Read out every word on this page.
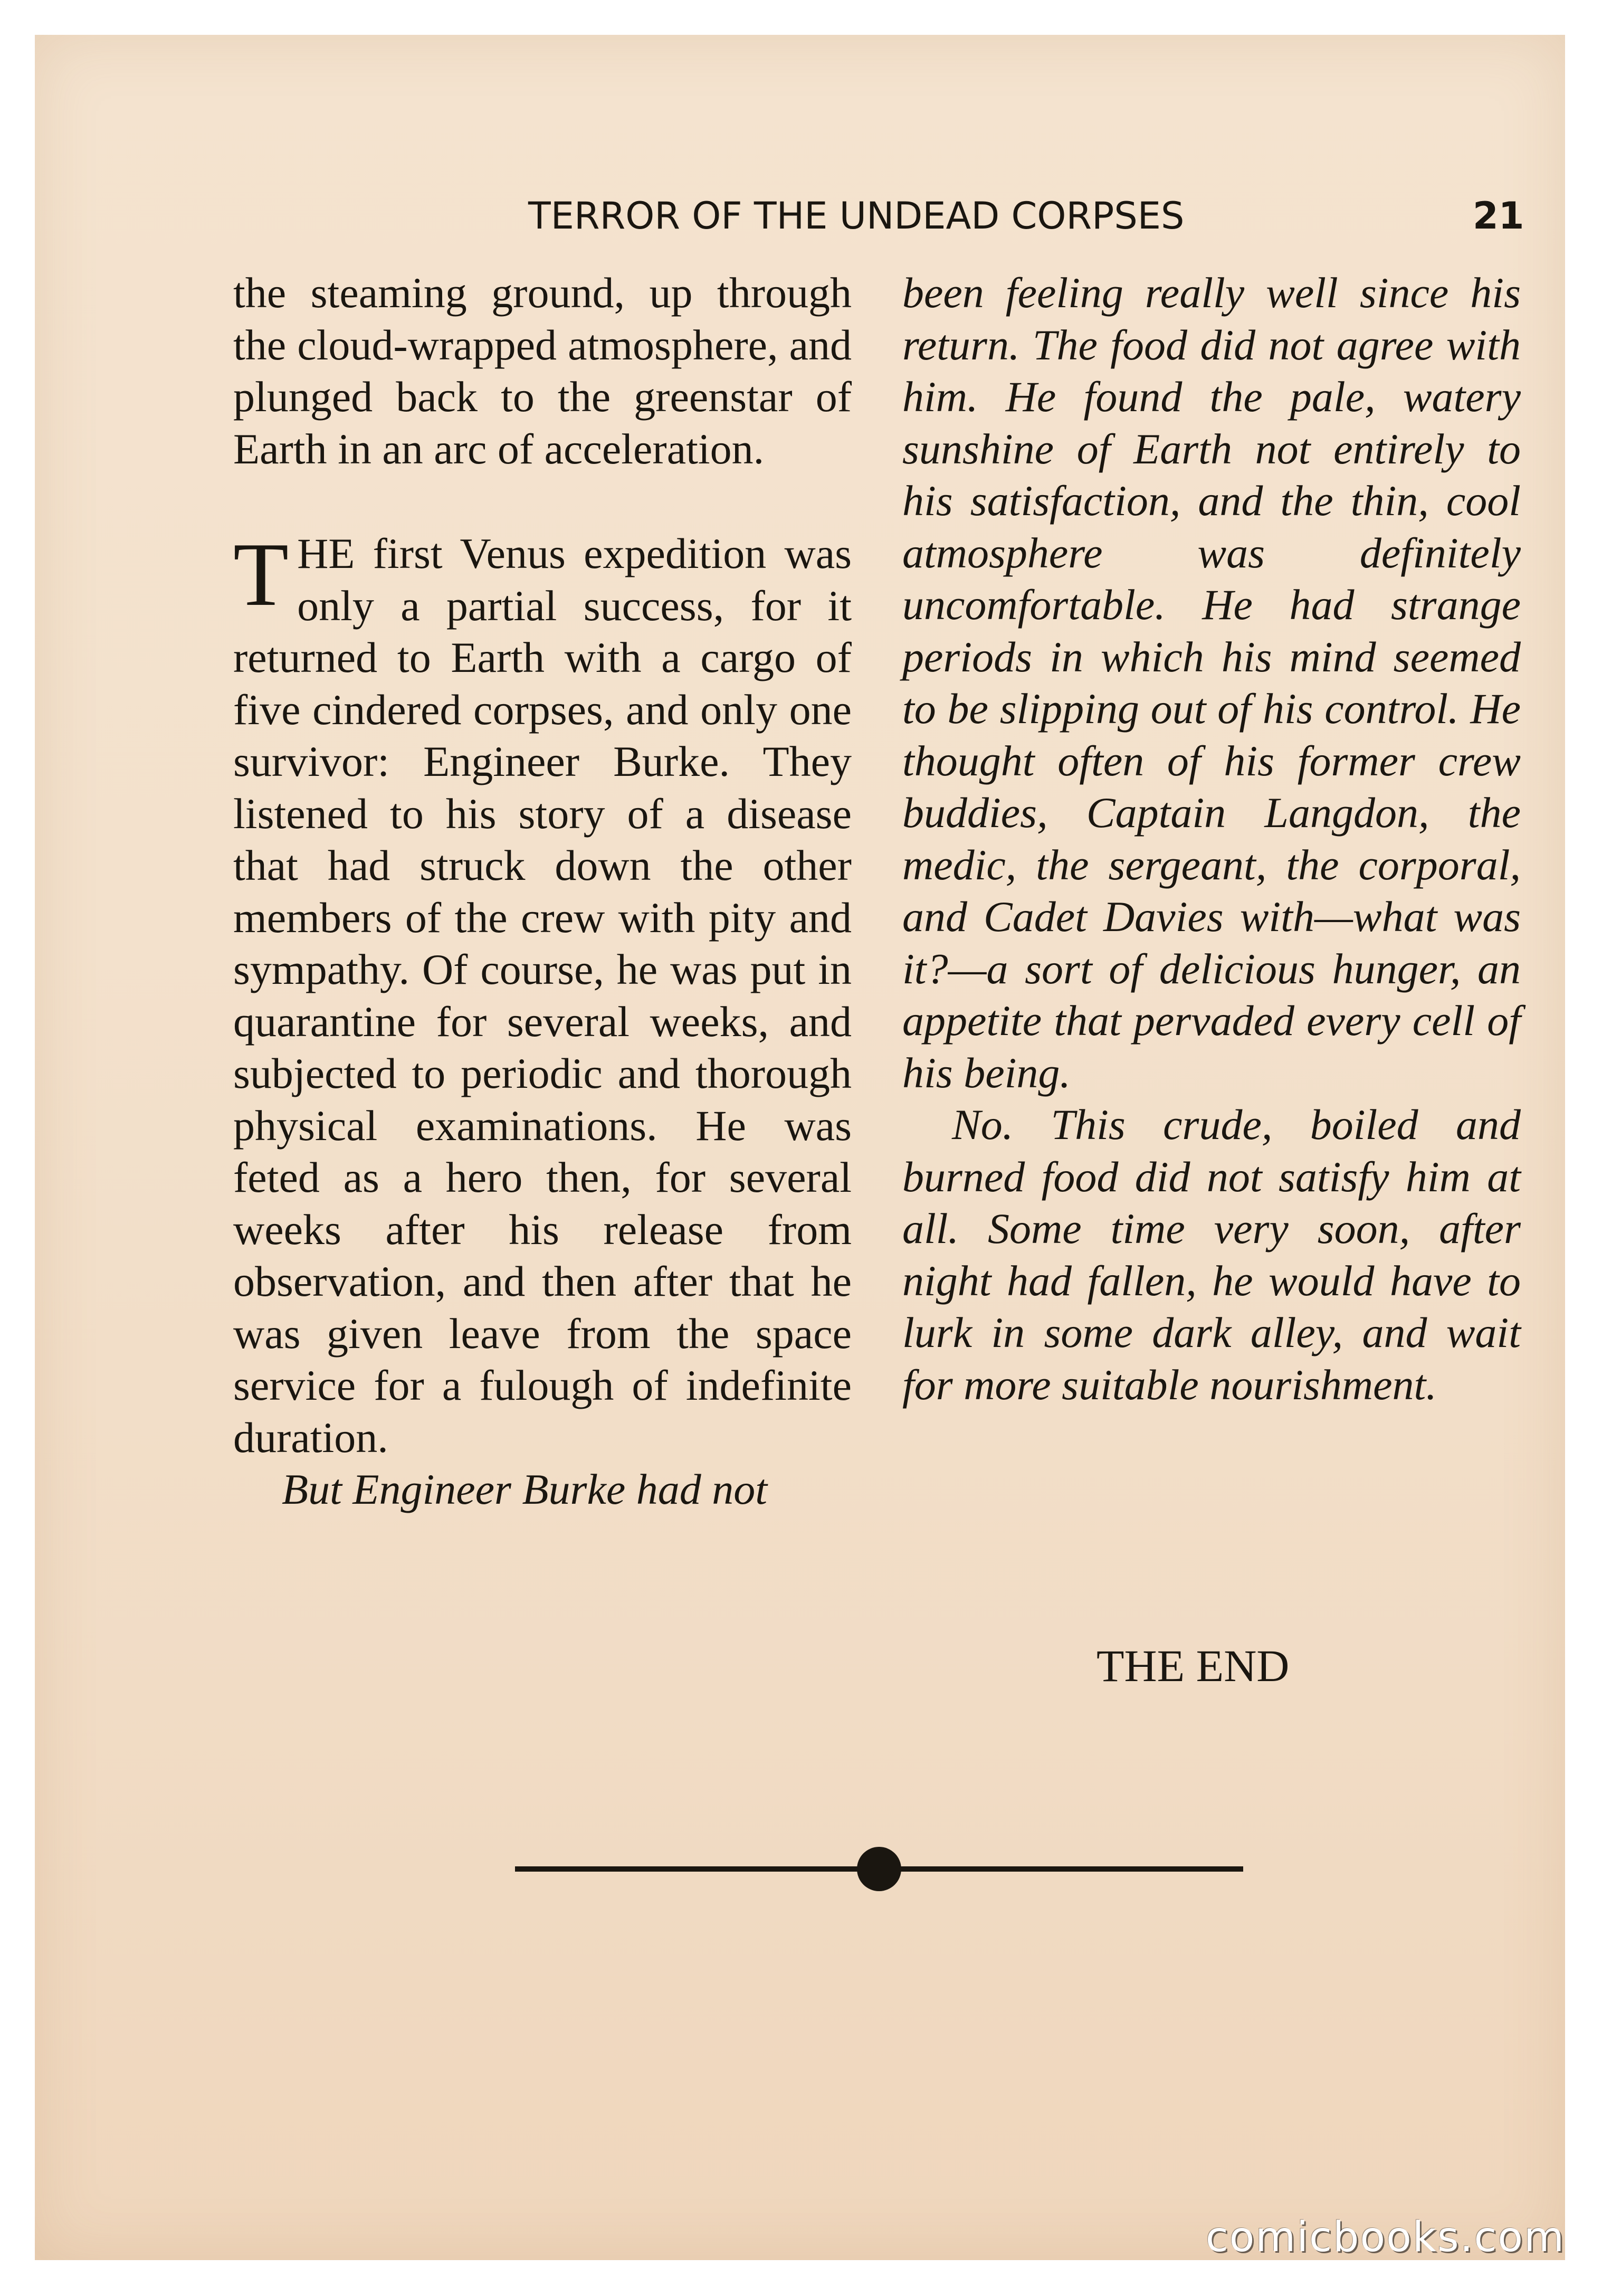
TERROR OF THE UNDEAD CORPSES	21

the steaming ground, up through the cloud-wrapped atmosphere, and plunged back to the greenstar of Earth in an arc of acceleration.

THE first Venus expedition was only a partial success, for it returned to Earth with a cargo of five cindered corpses, and only one survivor: Engineer Burke. They listened to his story of a disease that had struck down the other members of the crew with pity and sympathy. Of course, he was put in quarantine for several weeks, and subjected to periodic and thorough physical examinations. He was feted as a hero then, for several weeks after his release from observation, and then after that he was given leave from the space service for a fulough of indefinite duration.

But Engineer Burke had not

been feeling really well since his return. The food did not agree with him. He found the pale, watery sunshine of Earth not entirely to his satisfaction, and the thin, cool atmosphere was definitely uncomfortable. He had strange periods in which his mind seemed to be slipping out of his control. He thought often of his former crew buddies, Captain Langdon, the medic, the sergeant, the corporal, and Cadet Davies with—what was it?—a sort of delicious hunger, an appetite that pervaded every cell of his being.

No. This crude, boiled and burned food did not satisfy him at all. Some time very soon, after night had fallen, he would have to lurk in some dark alley, and wait for more suitable nourishment.

THE END
comicbooks.com
